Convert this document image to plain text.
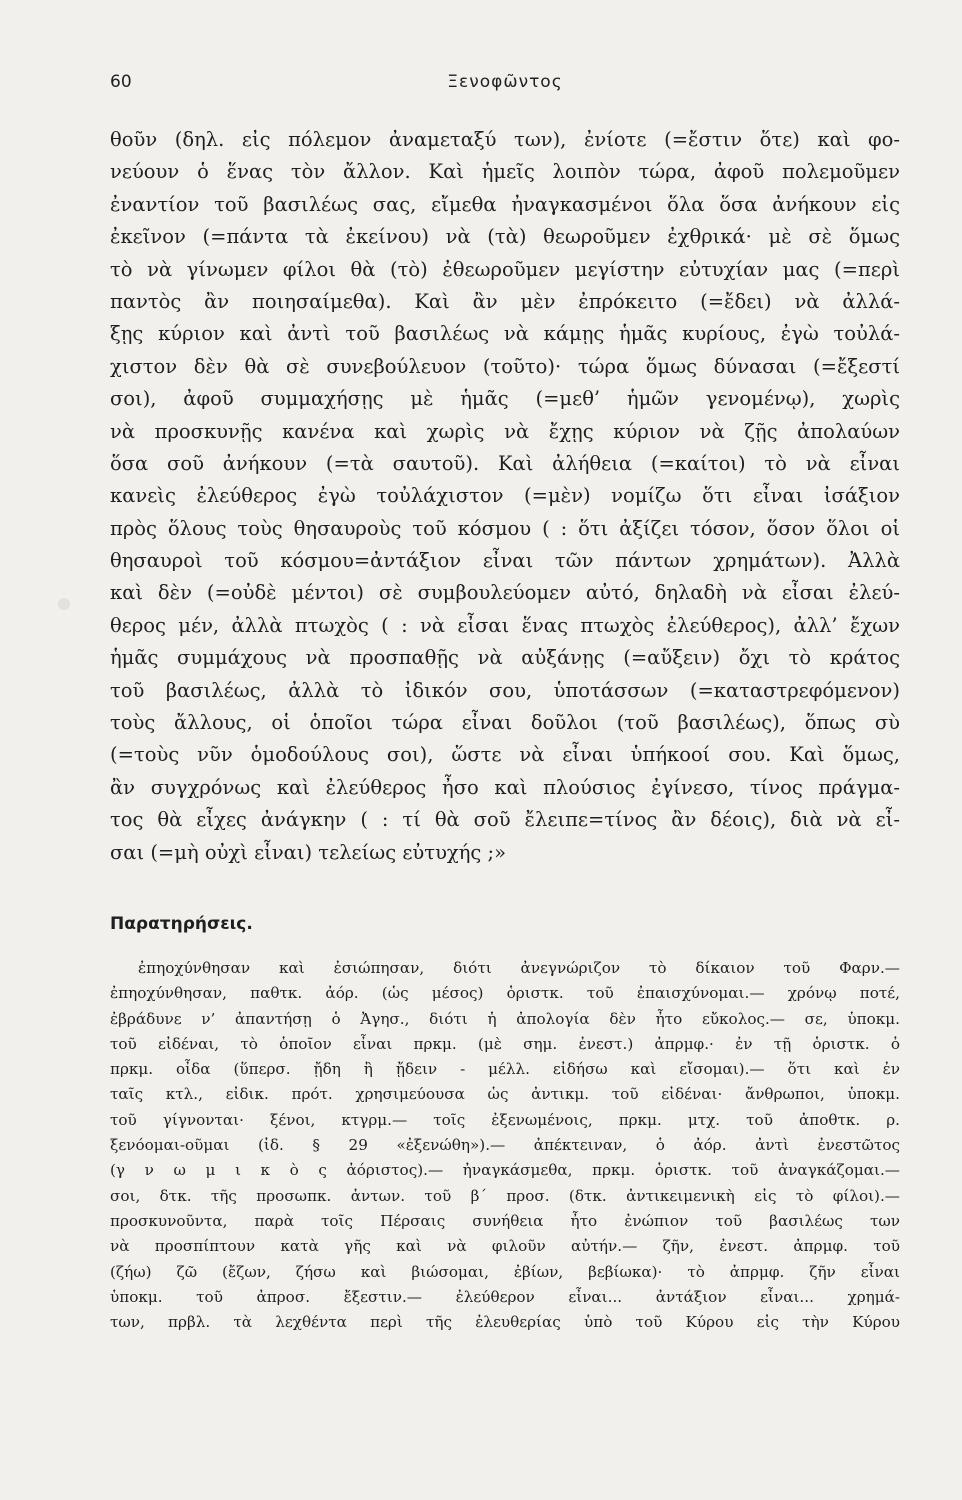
60	Ξενοφῶντος
θοῦν (δηλ. εἰς πόλεμον ἀναμεταξύ των), ἐνίοτε (=ἔστιν ὅτε) καὶ φο-
νεύουν ὁ ἕνας τὸν ἄλλον. Καὶ ἡμεῖς λοιπὸν τώρα, ἀφοῦ πολεμοῦμεν
ἐναντίον τοῦ βασιλέως σας, εἴμεθα ἠναγκασμένοι ὅλα ὅσα ἀνήκουν εἰς
ἐκεῖνον (=πάντα τὰ ἐκείνου) νὰ (τὰ) θεωροῦμεν ἐχθρικά· μὲ σὲ ὅμως
τὸ νὰ γίνωμεν φίλοι θὰ (τὸ) ἐθεωροῦμεν μεγίστην εὐτυχίαν μας (=περὶ
παντὸς ἂν ποιησαίμεθα). Καὶ ἂν μὲν ἐπρόκειτο (=ἔδει) νὰ ἀλλά-
ξῃς κύριον καὶ ἀντὶ τοῦ βασιλέως νὰ κάμῃς ἡμᾶς κυρίους, ἐγὼ τοὐλά-
χιστον δὲν θὰ σὲ συνεβούλευον (τοῦτο)· τώρα ὅμως δύνασαι (=ἔξεστί
σοι), ἀφοῦ συμμαχήσῃς μὲ ἡμᾶς (=μεθ’ ἡμῶν γενομένῳ), χωρὶς
νὰ προσκυνῇς κανένα καὶ χωρὶς νὰ ἔχῃς κύριον νὰ ζῇς ἀπολαύων
ὅσα σοῦ ἀνήκουν (=τὰ σαυτοῦ). Καὶ ἀλήθεια (=καίτοι) τὸ νὰ εἶναι
κανεὶς ἐλεύθερος ἐγὼ τοὐλάχιστον (=μὲν) νομίζω ὅτι εἶναι ἰσάξιον
πρὸς ὅλους τοὺς θησαυροὺς τοῦ κόσμου ( : ὅτι ἀξίζει τόσον, ὅσον ὅλοι οἱ
θησαυροὶ τοῦ κόσμου=ἀντάξιον εἶναι τῶν πάντων χρημάτων). Ἀλλὰ
καὶ δὲν (=οὐδὲ μέντοι) σὲ συμβουλεύομεν αὐτό, δηλαδὴ νὰ εἶσαι ἐλεύ-
θερος μέν, ἀλλὰ πτωχὸς ( : νὰ εἶσαι ἕνας πτωχὸς ἐλεύθερος), ἀλλ’ ἔχων
ἡμᾶς συμμάχους νὰ προσπαθῇς νὰ αὐξάνῃς (=αὔξειν) ὄχι τὸ κράτος
τοῦ βασιλέως, ἀλλὰ τὸ ἰδικόν σου, ὑποτάσσων (=καταστρεφόμενον)
τοὺς ἄλλους, οἱ ὁποῖοι τώρα εἶναι δοῦλοι (τοῦ βασιλέως), ὅπως σὺ
(=τοὺς νῦν ὁμοδούλους σοι), ὥστε νὰ εἶναι ὑπήκοοί σου. Καὶ ὅμως,
ἂν συγχρόνως καὶ ἐλεύθερος ἦσο καὶ πλούσιος ἐγίνεσο, τίνος πράγμα-
τος θὰ εἶχες ἀνάγκην ( : τί θὰ σοῦ ἔλειπε=τίνος ἂν δέοις), διὰ νὰ εἶ-
σαι (=μὴ οὐχὶ εἶναι) τελείως εὐτυχής ;»
Παρατηρήσεις.
ἐπηοχύνθησαν καὶ ἐσιώπησαν, διότι ἀνεγνώριζον τὸ δίκαιον τοῦ Φαρν.—
ἐπηοχύνθησαν, παθτκ. ἀόρ. (ὡς μέσος) ὁριστκ. τοῦ ἐπαισχύνομαι.— χρόνῳ ποτέ,
ἐβράδυνε ν’ ἀπαντήσῃ ὁ Ἀγησ., διότι ἡ ἀπολογία δὲν ἦτο εὔκολος.— σε, ὑποκμ.
τοῦ εἰδέναι, τὸ ὁποῖον εἶναι πρκμ. (μὲ σημ. ἐνεστ.) ἀπρμφ.· ἐν τῇ ὁριστκ. ὁ
πρκμ. οἶδα (ὕπερσ. ᾔδη ἢ ᾔδειν - μέλλ. εἰδήσω καὶ εἴσομαι).— ὅτι καὶ ἐν
ταῖς κτλ., εἰδικ. πρότ. χρησιμεύουσα ὡς ἀντικμ. τοῦ εἰδέναι· ἄνθρωποι, ὑποκμ.
τοῦ γίγνονται· ξένοι, κτγρμ.— τοῖς ἐξενωμένοις, πρκμ. μτχ. τοῦ ἀποθτκ. ρ.
ξενόομαι-οῦμαι (ἰδ. § 29 «ἐξενώθη»).— ἀπέκτειναν, ὁ ἀόρ. ἀντὶ ἐνεστῶτος
(γ ν ω μ ι κ ὸ ς ἀόριστος).— ἠναγκάσμεθα, πρκμ. ὁριστκ. τοῦ ἀναγκάζομαι.—
σοι, δτκ. τῆς προσωπκ. ἀντων. τοῦ β΄ προσ. (δτκ. ἀντικειμενικὴ εἰς τὸ φίλοι).—
προσκυνοῦντα, παρὰ τοῖς Πέρσαις συνήθεια ἦτο ἐνώπιον τοῦ βασιλέως των
νὰ προσπίπτουν κατὰ γῆς καὶ νὰ φιλοῦν αὐτήν.— ζῆν, ἐνεστ. ἀπρμφ. τοῦ
(ζήω) ζῶ (ἔζων, ζήσω καὶ βιώσομαι, ἐβίων, βεβίωκα)· τὸ ἀπρμφ. ζῆν εἶναι
ὑποκμ. τοῦ ἀπροσ. ἔξεστιν.— ἐλεύθερον εἶναι... ἀντάξιον εἶναι... χρημά-
των, πρβλ. τὰ λεχθέντα περὶ τῆς ἐλευθερίας ὑπὸ τοῦ Κύρου εἰς τὴν Κύρου
